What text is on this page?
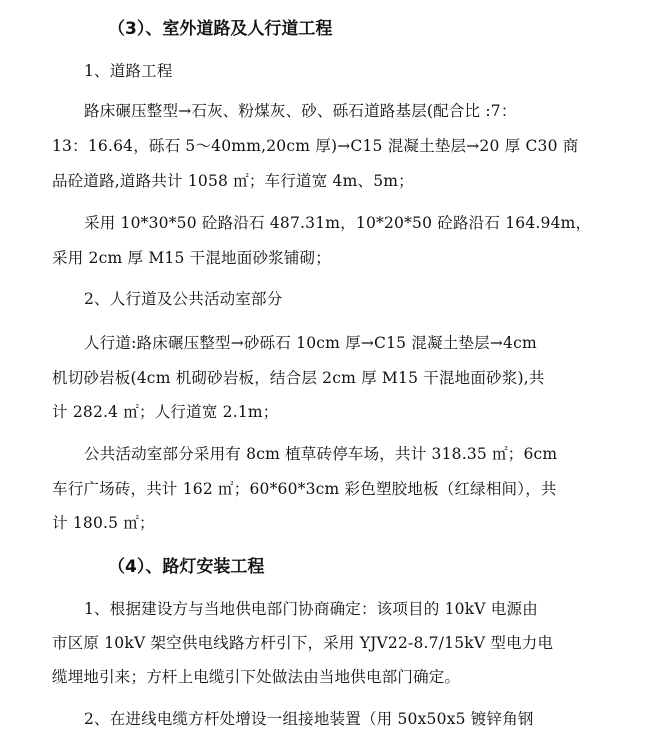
（3）、室外道路及人行道工程
1、道路工程
路床碾压整型→石灰、粉煤灰、砂、砾石道路基层(配合比 :7：
13：16.64，砾石 5～40mm,20cm 厚)→C15 混凝土垫层→20 厚 C30 商
品砼道路,道路共计 1058 ㎡；车行道宽 4m、5m；
采用 10*30*50 砼路沿石 487.31m，10*20*50 砼路沿石 164.94m，
采用 2cm 厚 M15 干混地面砂浆铺砌；
2、人行道及公共活动室部分
人行道:路床碾压整型→砂砾石 10cm 厚→C15 混凝土垫层→4cm
机切砂岩板(4cm 机砌砂岩板，结合层 2cm 厚 M15 干混地面砂浆),共
计 282.4 ㎡；人行道宽 2.1m；
公共活动室部分采用有 8cm 植草砖停车场，共计 318.35 ㎡；6cm
车行广场砖，共计 162 ㎡；60*60*3cm 彩色塑胶地板（红绿相间），共
计 180.5 ㎡；
（4）、路灯安装工程
1、根据建设方与当地供电部门协商确定：该项目的 10kV 电源由
市区原 10kV 架空供电线路方杆引下，采用 YJV22-8.7/15kV 型电力电
缆埋地引来；方杆上电缆引下处做法由当地供电部门确定。
2、在进线电缆方杆处增设一组接地装置（用 50x50x5 镀锌角钢
